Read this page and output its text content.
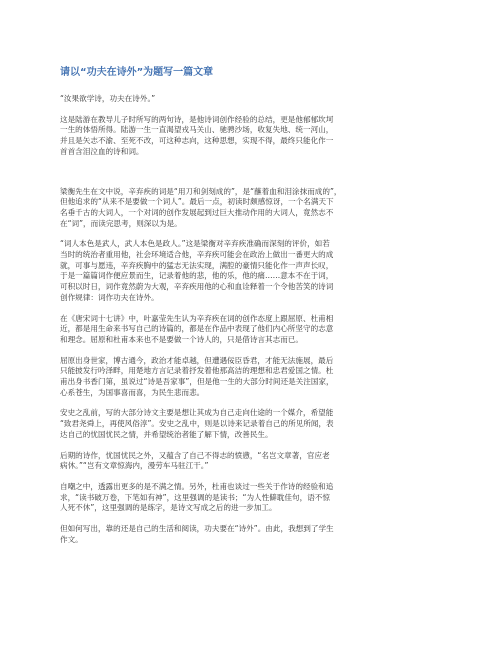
请以“功夫在诗外”为题写一篇文章

“汝果欲学诗，功夫在诗外。”

这是陆游在教导儿子时所写的两句诗，是他诗词创作经验的总结，更是他郁郁坎坷
一生的体悟所得。陆游一生一直渴望戎马关山、驰骋沙场，收复失地、统一河山，
并且是矢志不渝、至死不改，可这种志向，这种思想，实现不得，最终只能化作一
首首含泪泣血的诗和词。

梁衡先生在文中说，辛弃疾的词是“用刀和剑刻成的”，是“蘸着血和泪涂抹而成的”，
但他追求的“从来不是要做一个词人”。最后一点，初读时颇感惊讶，一个名满天下
名垂千古的大词人，一个对词的创作发展起到过巨大推动作用的大词人，竟然志不
在“词”，而读完思考，则深以为是。

“词人本色是武人，武人本色是政人。”这是梁衡对辛弃疾准确而深刻的评价，如若
当时的统治者重用他，社会环境适合他，辛弃疾可能会在政治上做出一番更大的成
就，可事与愿违，辛弃疾胸中的猛志无法实现，满腔的豪情只能化作一声声长叹，
于是一篇篇词作便应景而生，记录着他的悲，他的乐，他的痛……意本不在于词，
可积以时日，词作竟然蔚为大观，辛弃疾用他的心和血诠释着一个令他苦笑的诗词
创作规律：词作功夫在诗外。

在《唐宋词十七讲》中，叶嘉莹先生认为辛弃疾在词的创作态度上跟屈原、杜甫相
近，都是用生命来书写自己的诗篇的，都是在作品中表现了他们内心所坚守的志意
和理念。屈原和杜甫本来也不是要做一个诗人的，只是借诗言其志而已。

屈原出身世家，博古通今，政治才能卓越，但遭遇佞臣昏君，才能无法施展，最后
只能披发行吟泽畔，用楚地方言记录着抒发着他那高洁的理想和忠君爱国之情。杜
甫出身书香门第，虽说过“诗是吾家事”，但是他一生的大部分时间还是关注国家，
心系苍生，为国事喜而喜，为民生悲而悲。

安史之乱前，写的大部分诗文主要是想让其成为自己走向仕途的一个媒介，希望能
“致君尧舜上，再使风俗淳”。安史之乱中，则是以诗来记录着自己的所见所闻，表
达自己的忧国忧民之情，并希望统治者能了解下情，改善民生。

后期的诗作，忧国忧民之外，又蕴含了自己不得志的愤懑，“名岂文章著，官应老
病休。”“岂有文章惊海内，漫劳车马驻江干。”

自嘲之中，透露出更多的是不满之情。另外，杜甫也谈过一些关于作诗的经验和追
求，“读书破万卷，下笔如有神”，这里强调的是读书；“为人性僻耽佳句，语不惊
人死不休”，这里强调的是练字，是诗文写成之后的进一步加工。

但如何写出，靠的还是自己的生活和阅读，功夫要在“诗外”。由此，我想到了学生
作文。
